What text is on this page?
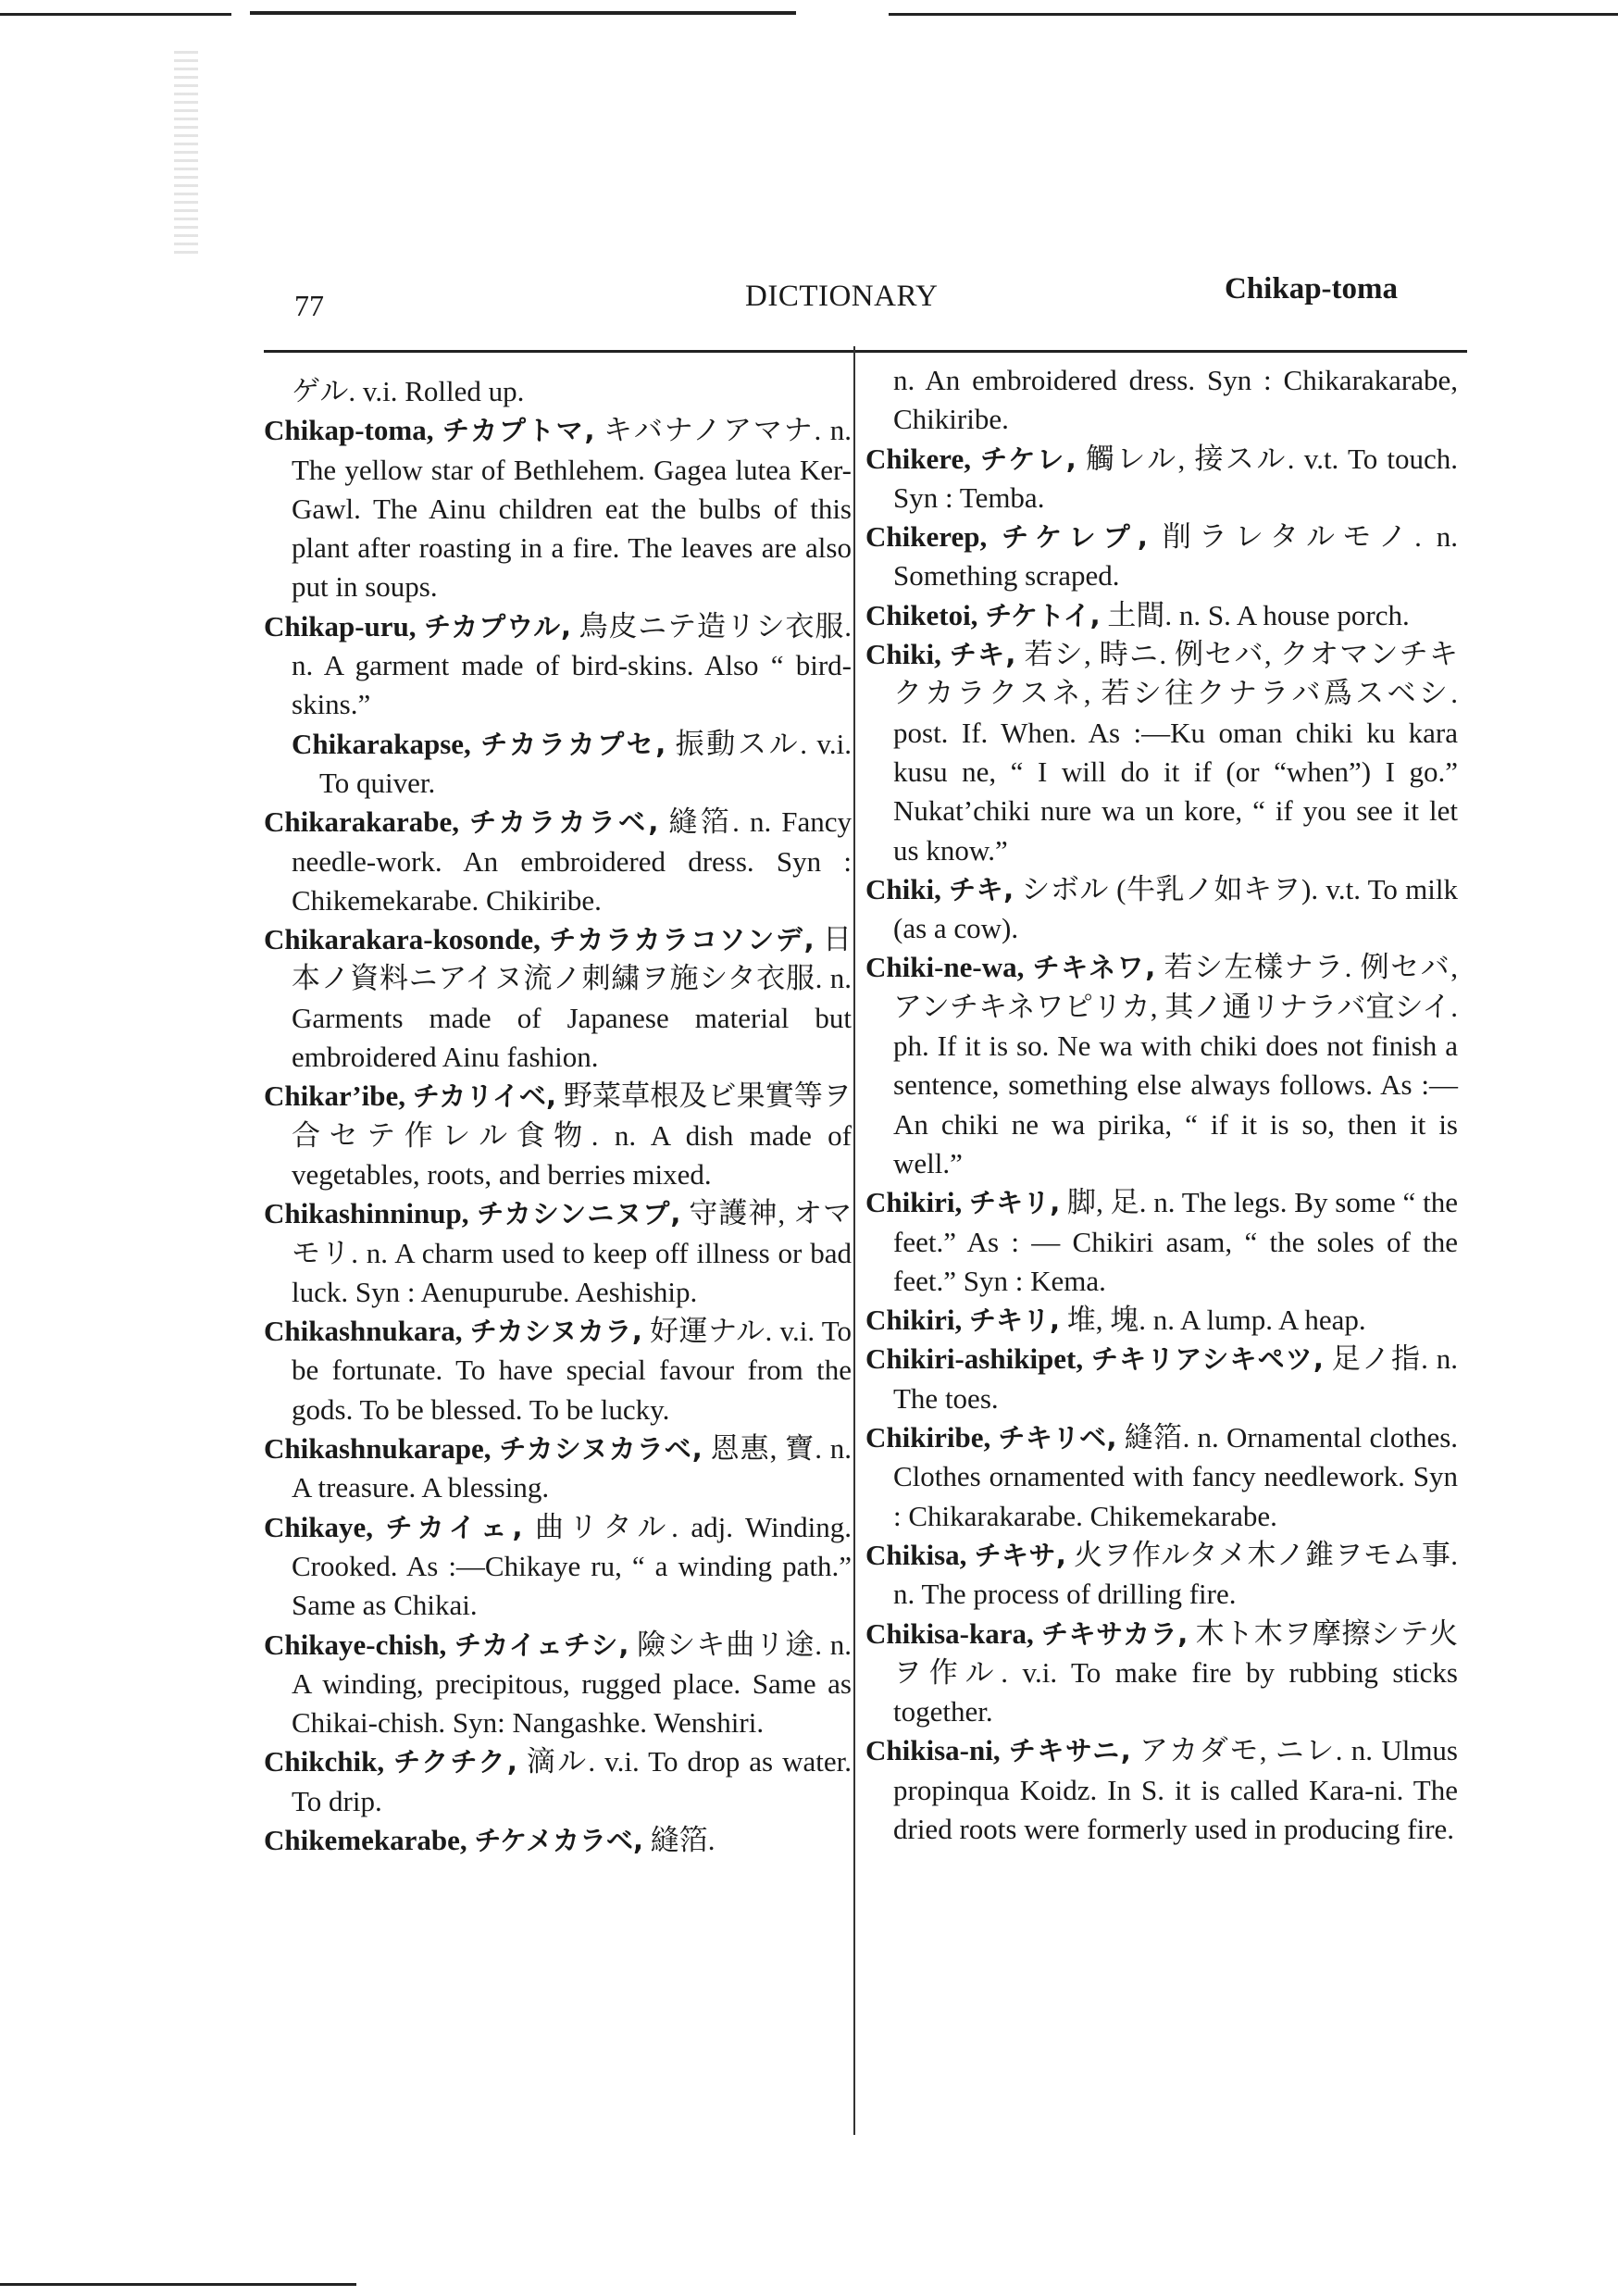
77	DICTIONARY	Chikap-toma

ゲル. v.i. Rolled up.

Chikap-toma, チカプトマ, キバナノアマナ. n. The yellow star of Bethlehem. Gagea lutea Ker-Gawl. The Ainu children eat the bulbs of this plant after roasting in a fire. The leaves are also put in soups.

Chikap-uru, チカプウル, 鳥皮ニテ造リシ衣服. n. A garment made of bird-skins. Also “ bird-skins.”

Chikarakapse, チカラカプセ, 振動スル. v.i. To quiver.

Chikarakarabe, チカラカラベ, 縫箔. n. Fancy needle-work. An embroidered dress. Syn : Chikemekarabe. Chikiribe.

Chikarakara-kosonde, チカラカラコソンデ, 日本ノ資料ニアイヌ流ノ刺繍ヲ施シタ衣服. n. Garments made of Japanese material but embroidered Ainu fashion.

Chikar’ibe, チカリイベ, 野菜草根及ビ果實等ヲ合セテ作レル食物. n. A dish made of vegetables, roots, and berries mixed.

Chikashinninup, チカシンニヌプ, 守護神, オマモリ. n. A charm used to keep off illness or bad luck. Syn : Aenupurube. Aeshiship.

Chikashnukara, チカシヌカラ, 好運ナル. v.i. To be fortunate. To have special favour from the gods. To be blessed. To be lucky.

Chikashnukarape, チカシヌカラベ, 恩惠, 寶. n. A treasure. A blessing.

Chikaye, チカイェ, 曲リタル. adj. Winding. Crooked. As :—Chikaye ru, “ a winding path.” Same as Chikai.

Chikaye-chish, チカイェチシ, 險シキ曲リ途. n. A winding, precipitous, rugged place. Same as Chikai-chish. Syn: Nangashke. Wenshiri.

Chikchik, チクチク, 滴ル. v.i. To drop as water. To drip.

Chikemekarabe, チケメカラベ, 縫箔.

n. An embroidered dress. Syn : Chikarakarabe, Chikiribe.

Chikere, チケレ, 觸レル, 接スル. v.t. To touch. Syn : Temba.

Chikerep, チケレプ, 削ラレタルモノ. n. Something scraped.

Chiketoi, チケトイ, 土間. n. S. A house porch.

Chiki, チキ, 若シ, 時ニ. 例セバ, クオマンチキクカラクスネ, 若シ往クナラバ爲スベシ. post. If. When. As :—Ku oman chiki ku kara kusu ne, “ I will do it if (or “when”) I go.” Nukat’chiki nure wa un kore, “ if you see it let us know.”

Chiki, チキ, シボル (牛乳ノ如キヲ). v.t. To milk (as a cow).

Chiki-ne-wa, チキネワ, 若シ左樣ナラ. 例セバ, アンチキネワピリカ, 其ノ通リナラバ宜シイ. ph. If it is so. Ne wa with chiki does not finish a sentence, something else always follows. As :—An chiki ne wa pirika, “ if it is so, then it is well.”

Chikiri, チキリ, 脚, 足. n. The legs. By some “ the feet.” As : — Chikiri asam, “ the soles of the feet.” Syn : Kema.

Chikiri, チキリ, 堆, 塊. n. A lump. A heap.

Chikiri-ashikipet, チキリアシキペツ, 足ノ指. n. The toes.

Chikiribe, チキリベ, 縫箔. n. Ornamental clothes. Clothes ornamented with fancy needlework. Syn : Chikarakarabe. Chikemekarabe.

Chikisa, チキサ, 火ヲ作ルタメ木ノ錐ヲモム事. n. The process of drilling fire.

Chikisa-kara, チキサカラ, 木ト木ヲ摩擦シテ火ヲ作ル. v.i. To make fire by rubbing sticks together.

Chikisa-ni, チキサニ, アカダモ, ニレ. n. Ulmus propinqua Koidz. In S. it is called Kara-ni. The dried roots were formerly used in producing fire.
